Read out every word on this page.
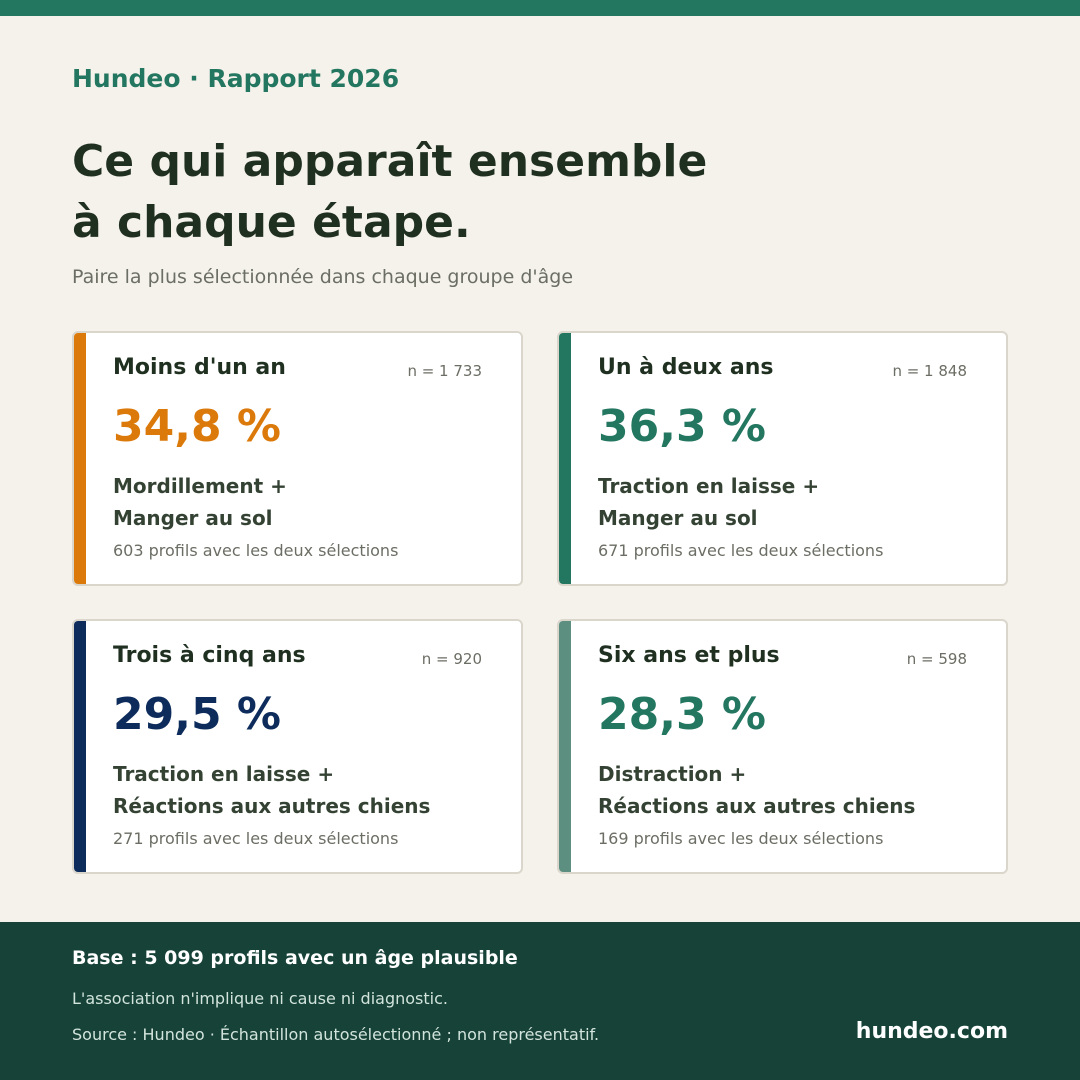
Hundeo · Rapport 2026
Ce qui apparaît ensemble
à chaque étape.
Paire la plus sélectionnée dans chaque groupe d'âge
Moins d'un an	n = 1 733
34,8 %
Mordillement +
Manger au sol
603 profils avec les deux sélections
Un à deux ans	n = 1 848
36,3 %
Traction en laisse +
Manger au sol
671 profils avec les deux sélections
Trois à cinq ans	n = 920
29,5 %
Traction en laisse +
Réactions aux autres chiens
271 profils avec les deux sélections
Six ans et plus	n = 598
28,3 %
Distraction +
Réactions aux autres chiens
169 profils avec les deux sélections
Base : 5 099 profils avec un âge plausible
L'association n'implique ni cause ni diagnostic.
Source : Hundeo · Échantillon autosélectionné ; non représentatif.	hundeo.com
